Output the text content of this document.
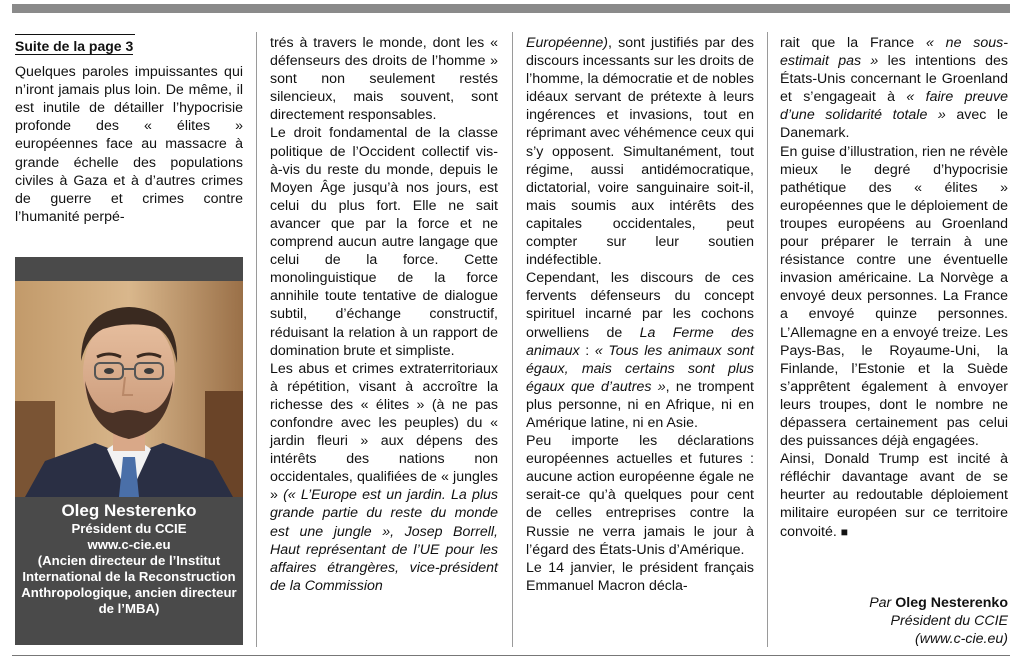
Suite de la page 3

Quelques paroles impuissantes qui n’iront jamais plus loin. De même, il est inutile de détailler l’hypocrisie profonde des « élites » européennes face au massacre à grande échelle des populations civiles à Gaza et à d’autres crimes de guerre et crimes contre l’humanité perpé-

Oleg Nesterenko
Président du CCIE
www.c-cie.eu
(Ancien directeur de l’Institut International de la Reconstruction Anthropologique, ancien directeur de l’MBA)

trés à travers le monde, dont les « défenseurs des droits de l’homme » sont non seulement restés silencieux, mais souvent, sont directement responsables.

Le droit fondamental de la classe politique de l’Occident collectif vis-à-vis du reste du monde, depuis le Moyen Âge jusqu’à nos jours, est celui du plus fort. Elle ne sait avancer que par la force et ne comprend aucun autre langage que celui de la force. Cette monolinguistique de la force annihile toute tentative de dialogue subtil, d’échange constructif, réduisant la relation à un rapport de domination brute et simpliste.

Les abus et crimes extraterritoriaux à répétition, visant à accroître la richesse des « élites » (à ne pas confondre avec les peuples) du « jardin fleuri » aux dépens des intérêts des nations non occidentales, qualifiées de « jungles » (« L’Europe est un jardin. La plus grande partie du reste du monde est une jungle », Josep Borrell, Haut représentant de l’UE pour les affaires étrangères, vice-président de la Commission

Européenne), sont justifiés par des discours incessants sur les droits de l’homme, la démocratie et de nobles idéaux servant de prétexte à leurs ingérences et invasions, tout en réprimant avec véhémence ceux qui s’y opposent. Simultanément, tout régime, aussi antidémocratique, dictatorial, voire sanguinaire soit-il, mais soumis aux intérêts des capitales occidentales, peut compter sur leur soutien indéfectible.

Cependant, les discours de ces fervents défenseurs du concept spirituel incarné par les cochons orwelliens de La Ferme des animaux : « Tous les animaux sont égaux, mais certains sont plus égaux que d’autres », ne trompent plus personne, ni en Afrique, ni en Amérique latine, ni en Asie.

Peu importe les déclarations européennes actuelles et futures : aucune action européenne égale ne serait-ce qu’à quelques pour cent de celles entreprises contre la Russie ne verra jamais le jour à l’égard des États-Unis d’Amérique.

Le 14 janvier, le président français Emmanuel Macron décla-

rait que la France « ne sous-estimait pas » les intentions des États-Unis concernant le Groenland et s’engageait à « faire preuve d’une solidarité totale » avec le Danemark.

En guise d’illustration, rien ne révèle mieux le degré d’hypocrisie pathétique des « élites » européennes que le déploiement de troupes européens au Groenland pour préparer le terrain à une résistance contre une éventuelle invasion américaine. La Norvège a envoyé deux personnes. La France a envoyé quinze personnes. L’Allemagne en a envoyé treize. Les Pays-Bas, le Royaume-Uni, la Finlande, l’Estonie et la Suède s’apprêtent également à envoyer leurs troupes, dont le nombre ne dépassera certainement pas celui des puissances déjà engagées.

Ainsi, Donald Trump est incité à réfléchir davantage avant de se heurter au redoutable déploiement militaire européen sur ce territoire convoité. ■

Par Oleg Nesterenko
Président du CCIE
(www.c-cie.eu)
